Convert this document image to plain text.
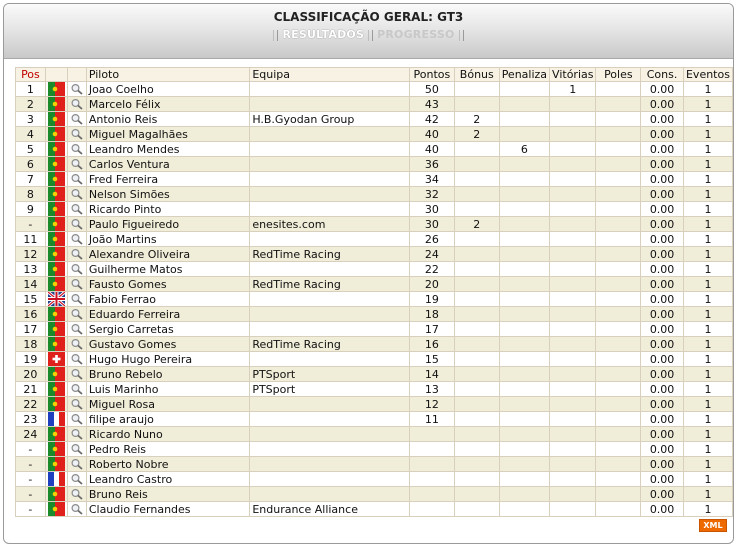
CLASSIFICAÇÃO GERAL: GT3
RESULTADOS PROGRESSO
Pos			Piloto	Equipa	Pontos	Bónus	Penaliza	Vitórias	Poles	Cons.	Eventos
1			Joao Coelho		50			1		0.00	1
2			Marcelo Félix		43					0.00	1
3			Antonio Reis	H.B.Gyodan Group	42	2				0.00	1
4			Miguel Magalhães		40	2				0.00	1
5			Leandro Mendes		40		6			0.00	1
6			Carlos Ventura		36					0.00	1
7			Fred Ferreira		34					0.00	1
8			Nelson Simões		32					0.00	1
9			Ricardo Pinto		30					0.00	1
-			Paulo Figueiredo	enesites.com	30	2				0.00	1
11			João Martins		26					0.00	1
12			Alexandre Oliveira	RedTime Racing	24					0.00	1
13			Guilherme Matos		22					0.00	1
14			Fausto Gomes	RedTime Racing	20					0.00	1
15			Fabio Ferrao		19					0.00	1
16			Eduardo Ferreira		18					0.00	1
17			Sergio Carretas		17					0.00	1
18			Gustavo Gomes	RedTime Racing	16					0.00	1
19			Hugo Hugo Pereira		15					0.00	1
20			Bruno Rebelo	PTSport	14					0.00	1
21			Luis Marinho	PTSport	13					0.00	1
22			Miguel Rosa		12					0.00	1
23			filipe araujo		11					0.00	1
24			Ricardo Nuno							0.00	1
-			Pedro Reis							0.00	1
-			Roberto Nobre							0.00	1
-			Leandro Castro							0.00	1
-			Bruno Reis							0.00	1
-			Claudio Fernandes	Endurance Alliance						0.00	1
XML
